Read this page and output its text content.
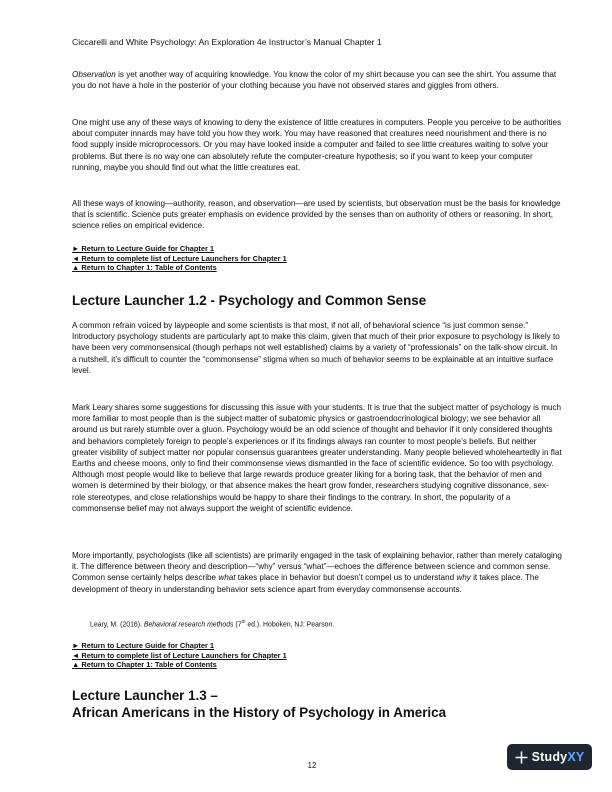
Ciccarelli and White Psychology: An Exploration 4e Instructor’s Manual Chapter 1

Observation is yet another way of acquiring knowledge. You know the color of my shirt because you can see the shirt. You assume that you do not have a hole in the posterior of your clothing because you have not observed stares and giggles from others.

One might use any of these ways of knowing to deny the existence of little creatures in computers. People you perceive to be authorities about computer innards may have told you how they work. You may have reasoned that creatures need nourishment and there is no food supply inside microprocessors. Or you may have looked inside a computer and failed to see little creatures waiting to solve your problems. But there is no way one can absolutely refute the computer-creature hypothesis; so if you want to keep your computer running, maybe you should find out what the little creatures eat.

All these ways of knowing—authority, reason, and observation—are used by scientists, but observation must be the basis for knowledge that is scientific. Science puts greater emphasis on evidence provided by the senses than on authority of others or reasoning. In short, science relies on empirical evidence.

► Return to Lecture Guide for Chapter 1
◄ Return to complete list of Lecture Launchers for Chapter 1
▲ Return to Chapter 1: Table of Contents
Lecture Launcher 1.2 - Psychology and Common Sense

A common refrain voiced by laypeople and some scientists is that most, if not all, of behavioral science “is just common sense.” Introductory psychology students are particularly apt to make this claim, given that much of their prior exposure to psychology is likely to have been very commonsensical (though perhaps not well established) claims by a variety of “professionals” on the talk-show circuit. In a nutshell, it’s difficult to counter the “commonsense” stigma when so much of behavior seems to be explainable at an intuitive surface level.

Mark Leary shares some suggestions for discussing this issue with your students. It is true that the subject matter of psychology is much more familiar to most people than is the subject matter of subatomic physics or gastroendocrinological biology; we see behavior all around us but rarely stumble over a gluon. Psychology would be an odd science of thought and behavior if it only considered thoughts and behaviors completely foreign to people’s experiences or if its findings always ran counter to most people’s beliefs. But neither greater visibility of subject matter nor popular consensus guarantees greater understanding. Many people believed wholeheartedly in flat Earths and cheese moons, only to find their commonsense views dismantled in the face of scientific evidence. So too with psychology. Although most people would like to believe that large rewards produce greater liking for a boring task, that the behavior of men and women is determined by their biology, or that absence makes the heart grow fonder, researchers studying cognitive dissonance, sex-role stereotypes, and close relationships would be happy to share their findings to the contrary. In short, the popularity of a commonsense belief may not always support the weight of scientific evidence.

More importantly, psychologists (like all scientists) are primarily engaged in the task of explaining behavior, rather than merely cataloging it. The difference between theory and description—“why” versus “what”—echoes the difference between science and common sense. Common sense certainly helps describe what takes place in behavior but doesn’t compel us to understand why it takes place. The development of theory in understanding behavior sets science apart from everyday commonsense accounts.

Leary, M. (2016). Behavioral research methods (7th ed.). Hoboken, NJ: Pearson.
► Return to Lecture Guide for Chapter 1
◄ Return to complete list of Lecture Launchers for Chapter 1
▲ Return to Chapter 1: Table of Contents
Lecture Launcher 1.3 –
African Americans in the History of Psychology in America
12
Study XY
